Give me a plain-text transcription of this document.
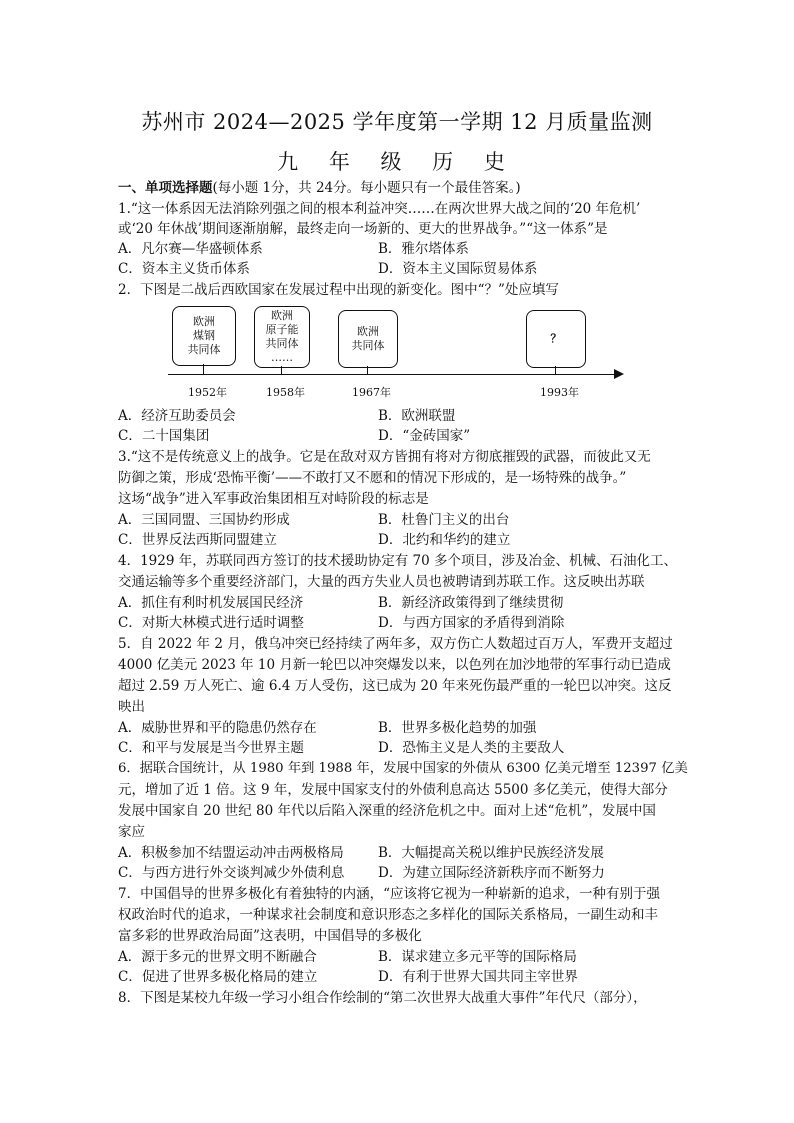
苏州市 2024—2025 学年度第一学期 12 月质量监测
九 年 级 历 史
一、单项选择题(每小题 1分，共 24分。每小题只有一个最佳答案。)
1.“这一体系因无法消除列强之间的根本利益冲突……在两次世界大战之间的‘20 年危机’
或‘20 年休战’期间逐渐崩解，最终走向一场新的、更大的世界战争。”“这一体系”是
A．凡尔赛—华盛顿体系	B．雅尔塔体系
C．资本主义货币体系	D．资本主义国际贸易体系
2．下图是二战后西欧国家在发展过程中出现的新变化。图中“？”处应填写
欧洲
煤钢
共同体
欧洲
原子能
共同体
……
欧洲
共同体
？
1952年	1958年	1967年	1993年
A．经济互助委员会	B．欧洲联盟
C．二十国集团	D．“金砖国家”
3.“这不是传统意义上的战争。它是在敌对双方皆拥有将对方彻底摧毁的武器，而彼此又无
防御之策，形成‘恐怖平衡’——不敢打又不愿和的情况下形成的，是一场特殊的战争。”
这场“战争”进入军事政治集团相互对峙阶段的标志是
A．三国同盟、三国协约形成	B．杜鲁门主义的出台
C．世界反法西斯同盟建立	D．北约和华约的建立
4．1929 年，苏联同西方签订的技术援助协定有 70 多个项目，涉及冶金、机械、石油化工、
交通运输等多个重要经济部门，大量的西方失业人员也被聘请到苏联工作。这反映出苏联
A．抓住有利时机发展国民经济	B．新经济政策得到了继续贯彻
C．对斯大林模式进行适时调整	D．与西方国家的矛盾得到消除
5．自 2022 年 2 月，俄乌冲突已经持续了两年多，双方伤亡人数超过百万人，军费开支超过
4000 亿美元 2023 年 10 月新一轮巴以冲突爆发以来，以色列在加沙地带的军事行动已造成
超过 2.59 万人死亡、逾 6.4 万人受伤，这已成为 20 年来死伤最严重的一轮巴以冲突。这反
映出
A．威胁世界和平的隐患仍然存在	B．世界多极化趋势的加强
C．和平与发展是当今世界主题	D．恐怖主义是人类的主要敌人
6．据联合国统计，从 1980 年到 1988 年，发展中国家的外债从 6300 亿美元增至 12397 亿美
元，增加了近 1 倍。这 9 年，发展中国家支付的外债利息高达 5500 多亿美元，使得大部分
发展中国家自 20 世纪 80 年代以后陷入深重的经济危机之中。面对上述“危机”，发展中国
家应
A．积极参加不结盟运动冲击两极格局	B．大幅提高关税以维护民族经济发展
C．与西方进行外交谈判减少外债利息 D．为建立国际经济新秩序而不断努力
7．中国倡导的世界多极化有着独特的内涵，“应该将它视为一种崭新的追求，一种有别于强
权政治时代的追求，一种谋求社会制度和意识形态之多样化的国际关系格局，一副生动和丰
富多彩的世界政治局面”这表明，中国倡导的多极化
A．源于多元的世界文明不断融合	B．谋求建立多元平等的国际格局
C．促进了世界多极化格局的建立	D．有利于世界大国共同主宰世界
8．下图是某校九年级一学习小组合作绘制的“第二次世界大战重大事件”年代尺（部分），
